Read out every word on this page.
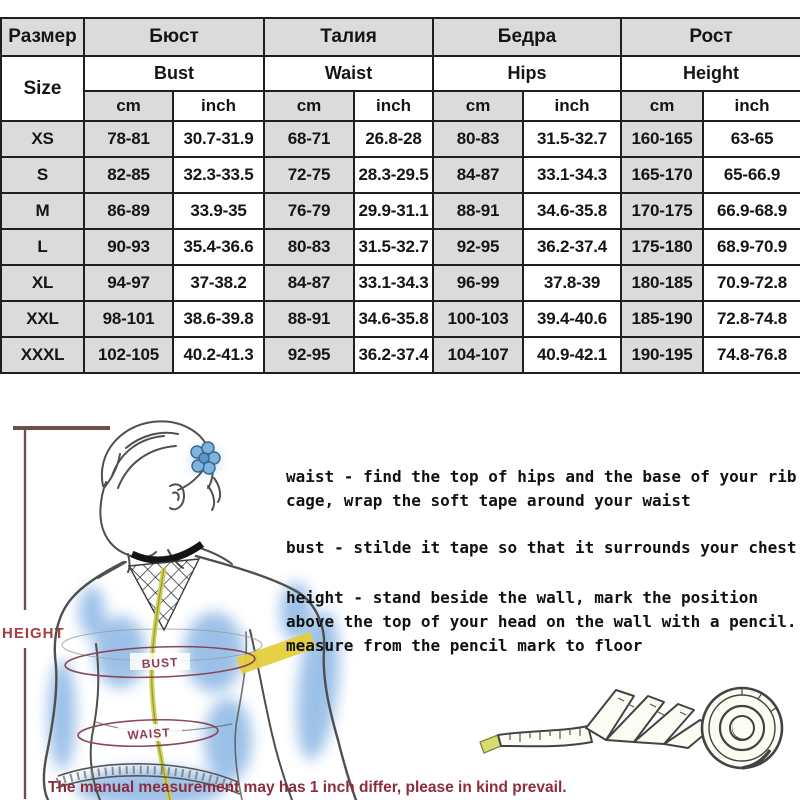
Размер	Бюст		Талия		Бедра		Рост	
Size	Bust		Waist		Hips		Height	
	cm	inch	cm	inch	cm	inch	cm	inch
XS	78-81	30.7-31.9	68-71	26.8-28	80-83	31.5-32.7	160-165	63-65
S	82-85	32.3-33.5	72-75	28.3-29.5	84-87	33.1-34.3	165-170	65-66.9
M	86-89	33.9-35	76-79	29.9-31.1	88-91	34.6-35.8	170-175	66.9-68.9
L	90-93	35.4-36.6	80-83	31.5-32.7	92-95	36.2-37.4	175-180	68.9-70.9
XL	94-97	37-38.2	84-87	33.1-34.3	96-99	37.8-39	180-185	70.9-72.8
XXL	98-101	38.6-39.8	88-91	34.6-35.8	100-103	39.4-40.6	185-190	72.8-74.8
XXXL	102-105	40.2-41.3	92-95	36.2-37.4	104-107	40.9-42.1	190-195	74.8-76.8
HEIGHT
BUST
WAIST

waist - find the top of hips and the base of your rib cage, wrap the soft tape around your waist

bust - stilde it tape so that it surrounds your chest

height - stand beside the wall, mark the position above the top of your head on the wall with a pencil. measure from the pencil mark to floor

The manual measurement may has 1 inch differ, please in kind prevail.
